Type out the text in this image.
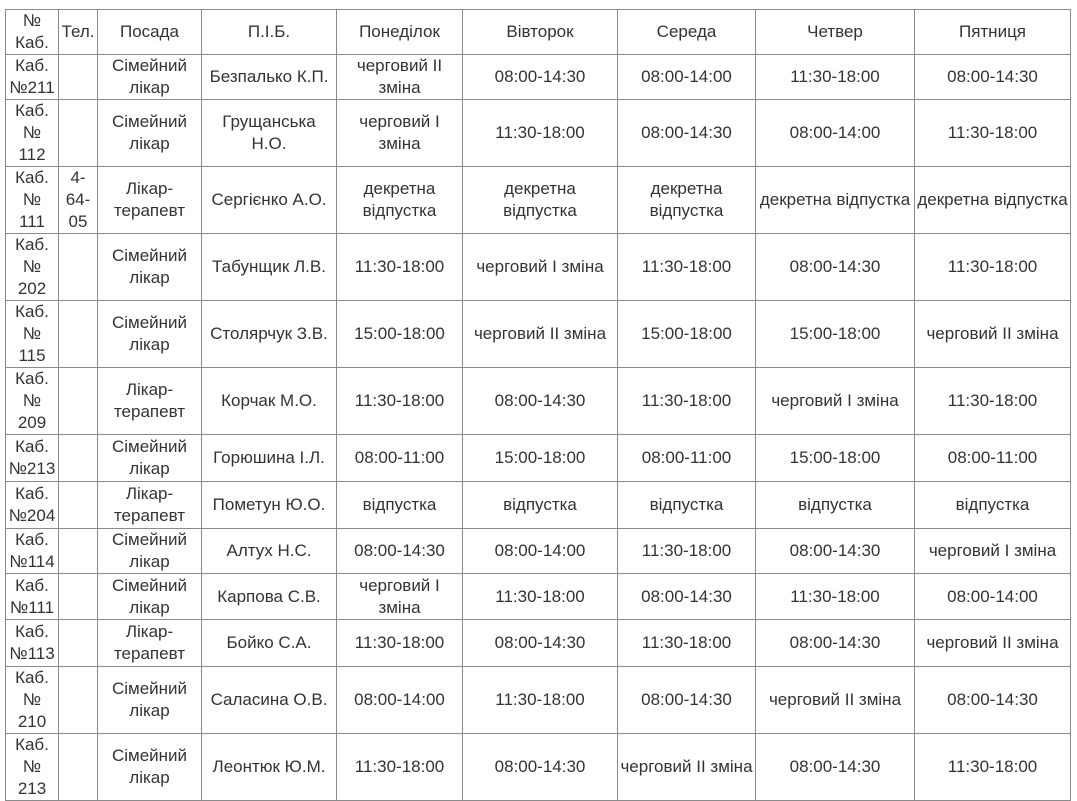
№ Каб.	Тел.	Посада	П.І.Б.	Понеділок	Вівторок	Середа	Четвер	Пятниця
Каб. №211		Сімейний лікар	Безпалько К.П.	черговий II зміна	08:00-14:30	08:00-14:00	11:30-18:00	08:00-14:30
Каб. № 112		Сімейний лікар	Грущанська Н.О.	черговий I зміна	11:30-18:00	08:00-14:30	08:00-14:00	11:30-18:00
Каб. № 111	4-64-05	Лікар-терапевт	Сергієнко А.О.	декретна відпустка	декретна відпустка	декретна відпустка	декретна відпустка	декретна відпустка
Каб. № 202		Сімейний лікар	Табунщик Л.В.	11:30-18:00	черговий I зміна	11:30-18:00	08:00-14:30	11:30-18:00
Каб. № 115		Сімейний лікар	Столярчук З.В.	15:00-18:00	черговий II зміна	15:00-18:00	15:00-18:00	черговий II зміна
Каб. № 209		Лікар-терапевт	Корчак М.О.	11:30-18:00	08:00-14:30	11:30-18:00	черговий I зміна	11:30-18:00
Каб. №213		Сімейний лікар	Горюшина І.Л.	08:00-11:00	15:00-18:00	08:00-11:00	15:00-18:00	08:00-11:00
Каб. №204		Лікар-терапевт	Пометун Ю.О.	відпустка	відпустка	відпустка	відпустка	відпустка
Каб. №114		Сімейний лікар	Алтух Н.С.	08:00-14:30	08:00-14:00	11:30-18:00	08:00-14:30	черговий I зміна
Каб. №111		Сімейний лікар	Карпова С.В.	черговий I зміна	11:30-18:00	08:00-14:30	11:30-18:00	08:00-14:00
Каб. №113		Лікар-терапевт	Бойко С.А.	11:30-18:00	08:00-14:30	11:30-18:00	08:00-14:30	черговий II зміна
Каб. № 210		Сімейний лікар	Саласина О.В.	08:00-14:00	11:30-18:00	08:00-14:30	черговий II зміна	08:00-14:30
Каб. № 213		Сімейний лікар	Леонтюк Ю.М.	11:30-18:00	08:00-14:30	черговий II зміна	08:00-14:30	11:30-18:00
